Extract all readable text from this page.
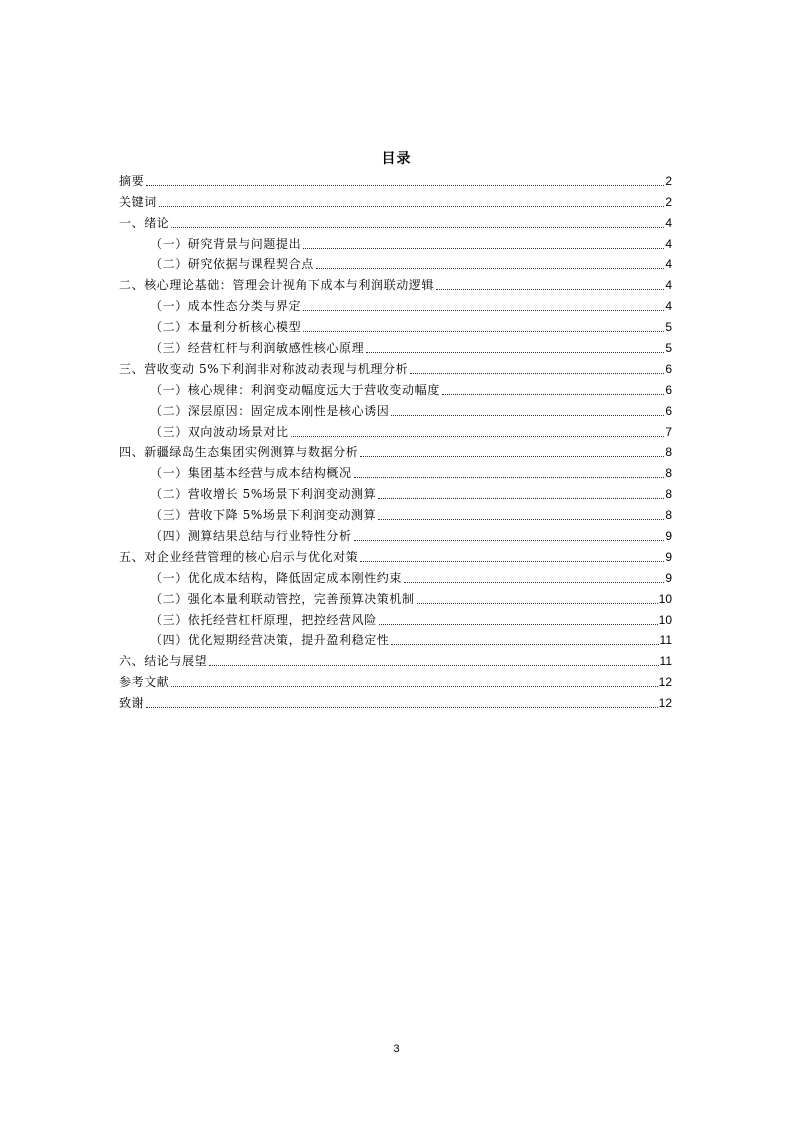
目录
摘要	2
关键词	2
一、绪论	4
（一）研究背景与问题提出	4
（二）研究依据与课程契合点	4
二、核心理论基础：管理会计视角下成本与利润联动逻辑	4
（一）成本性态分类与界定	4
（二）本量利分析核心模型	5
（三）经营杠杆与利润敏感性核心原理	5
三、营收变动 5%下利润非对称波动表现与机理分析	6
（一）核心规律：利润变动幅度远大于营收变动幅度	6
（二）深层原因：固定成本刚性是核心诱因	6
（三）双向波动场景对比	7
四、新疆绿岛生态集团实例测算与数据分析	8
（一）集团基本经营与成本结构概况	8
（二）营收增长 5%场景下利润变动测算	8
（三）营收下降 5%场景下利润变动测算	8
（四）测算结果总结与行业特性分析	9
五、对企业经营管理的核心启示与优化对策	9
（一）优化成本结构，降低固定成本刚性约束	9
（二）强化本量利联动管控，完善预算决策机制	10
（三）依托经营杠杆原理，把控经营风险	10
（四）优化短期经营决策，提升盈利稳定性	11
六、结论与展望	11
参考文献	12
致谢	12
3
